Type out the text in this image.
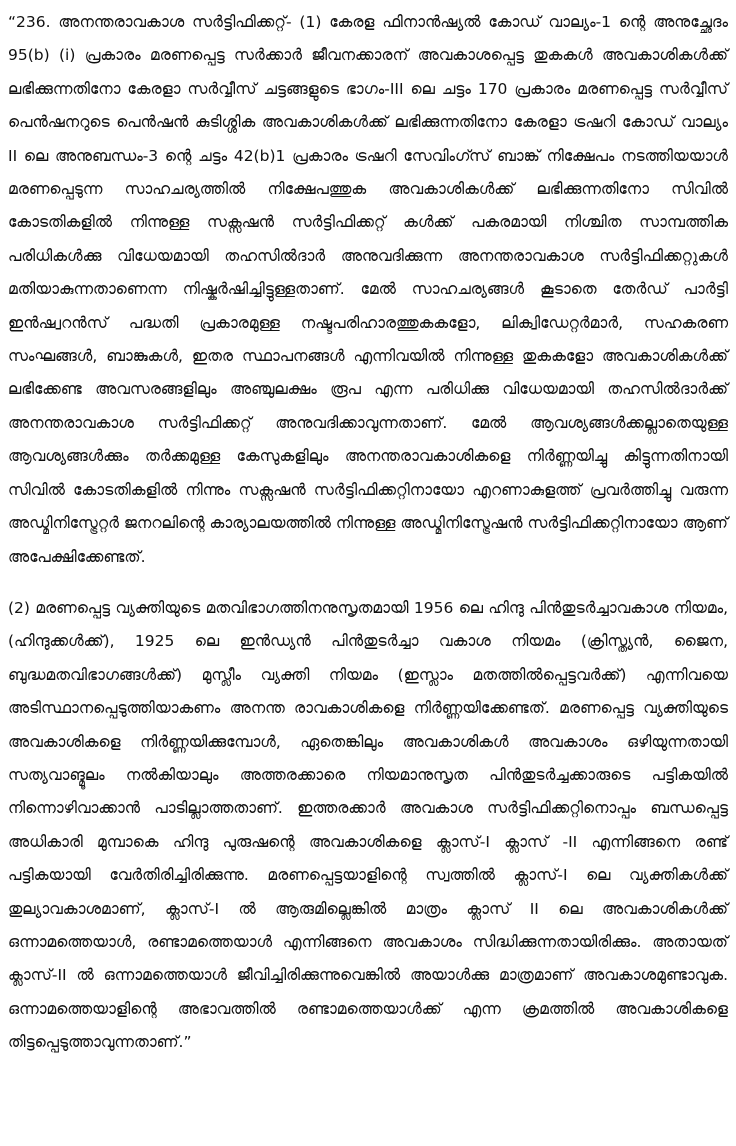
“236. അനന്തരാവകാശ സർട്ടിഫിക്കറ്റ്- (1) കേരള ഫിനാൻഷ്യൽ കോഡ് വാല്യം-1 ന്റെ അനുച്ഛേദം 95(b) (i) പ്രകാരം മരണപ്പെട്ട സർക്കാർ ജീവനക്കാരന് അവകാശപ്പെട്ട തുകകൾ അവകാശികൾക്ക് ലഭിക്കുന്നതിനോ കേരളാ സർവ്വീസ് ചട്ടങ്ങളുടെ ഭാഗം-III ലെ ചട്ടം 170 പ്രകാരം മരണപ്പെട്ട സർവ്വീസ് പെൻഷനറുടെ പെൻഷൻ കുടിശ്ശിക അവകാശികൾക്ക് ലഭിക്കുന്നതിനോ കേരളാ ട്രഷറി കോഡ് വാല്യം II ലെ അനുബന്ധം-3 ന്റെ ചട്ടം 42(b)1 പ്രകാരം ട്രഷറി സേവിംഗ്സ് ബാങ്ക് നിക്ഷേപം നടത്തിയയാൾ മരണപ്പെടുന്ന സാഹചര്യത്തിൽ നിക്ഷേപത്തുക അവകാശികൾക്ക് ലഭിക്കുന്നതിനോ സിവിൽ കോടതികളിൽ നിന്നുള്ള സക്സഷൻ സർട്ടിഫിക്കറ്റ് കൾക്ക് പകരമായി നിശ്ചിത സാമ്പത്തിക പരിധികൾക്കു വിധേയമായി തഹസിൽദാർ അനുവദിക്കുന്ന അനന്തരാവകാശ സർട്ടിഫിക്കറ്റുകൾ മതിയാകുന്നതാണെന്ന നിഷ്കർഷിച്ചിട്ടുള്ളതാണ്. മേൽ സാഹചര്യങ്ങൾ കൂടാതെ തേർഡ് പാർട്ടി ഇൻഷ്വറൻസ് പദ്ധതി പ്രകാരമുള്ള നഷ്ടപരിഹാരത്തുകകളോ, ലിക്വിഡേറ്റർമാർ, സഹകരണ സംഘങ്ങൾ, ബാങ്കുകൾ, ഇതര സ്ഥാപനങ്ങൾ എന്നിവയിൽ നിന്നുള്ള തുകകളോ അവകാശികൾക്ക് ലഭിക്കേണ്ട അവസരങ്ങളിലും അഞ്ചുലക്ഷം രൂപ എന്ന പരിധിക്കു വിധേയമായി തഹസിൽദാർക്ക് അനന്തരാവകാശ സർട്ടിഫിക്കറ്റ് അനുവദിക്കാവുന്നതാണ്. മേൽ ആവശ്യങ്ങൾക്കല്ലാതെയുള്ള ആവശ്യങ്ങൾക്കും തർക്കമുള്ള കേസുകളിലും അനന്തരാവകാശികളെ നിർണ്ണയിച്ചു കിട്ടുന്നതിനായി സിവിൽ കോടതികളിൽ നിന്നും സക്സഷൻ സർട്ടിഫിക്കറ്റിനായോ എറണാകുളത്ത് പ്രവർത്തിച്ചു വരുന്ന അഡ്മിനിസ്ട്രേറ്റർ ജനറലിന്റെ കാര്യാലയത്തിൽ നിന്നുള്ള അഡ്മിനിസ്ട്രേഷൻ സർട്ടിഫിക്കറ്റിനായോ ആണ് അപേക്ഷിക്കേണ്ടത്.

(2) മരണപ്പെട്ട വ്യക്തിയുടെ മതവിഭാഗത്തിനനുസൃതമായി 1956 ലെ ഹിന്ദു പിൻതുടർച്ചാവകാശ നിയമം, (ഹിന്ദുക്കൾക്ക്), 1925 ലെ ഇൻഡ്യൻ പിൻതുടർച്ചാ വകാശ നിയമം (ക്രിസ്ത്യൻ, ജൈന, ബുദ്ധമതവിഭാഗങ്ങൾക്ക്) മുസ്ലീം വ്യക്തി നിയമം (ഇസ്ലാം മതത്തിൽപ്പെട്ടവർക്ക്) എന്നിവയെ അടിസ്ഥാനപ്പെടുത്തിയാകണം അനന്ത രാവകാശികളെ നിർണ്ണയിക്കേണ്ടത്. മരണപ്പെട്ട വ്യക്തിയുടെ അവകാശികളെ നിർണ്ണയിക്കുമ്പോൾ, ഏതെങ്കിലും അവകാശികൾ അവകാശം ഒഴിയുന്നതായി സത്യവാങ്മൂലം നൽകിയാലും അത്തരക്കാരെ നിയമാനുസൃത പിൻതുടർച്ചക്കാരുടെ പട്ടികയിൽ നിന്നൊഴിവാക്കാൻ പാടില്ലാത്തതാണ്. ഇത്തരക്കാർ അവകാശ സർട്ടിഫിക്കറ്റിനൊപ്പം ബന്ധപ്പെട്ട അധികാരി മുമ്പാകെ ഹിന്ദു പുരുഷന്റെ അവകാശികളെ ക്ലാസ്-I ക്ലാസ് -II എന്നിങ്ങനെ രണ്ട് പട്ടികയായി വേർതിരിച്ചിരിക്കുന്നു. മരണപ്പെട്ടയാളിന്റെ സ്വത്തിൽ ക്ലാസ്-I ലെ വ്യക്തികൾക്ക് തുല്യാവകാശമാണ്, ക്ലാസ്-I ൽ ആരുമില്ലെങ്കിൽ മാത്രം ക്ലാസ് II ലെ അവകാശികൾക്ക് ഒന്നാമത്തെയാൾ, രണ്ടാമത്തെയാൾ എന്നിങ്ങനെ അവകാശം സിദ്ധിക്കുന്നതായിരിക്കും. അതായത് ക്ലാസ്-II ൽ ഒന്നാമത്തെയാൾ ജീവിച്ചിരിക്കുന്നുവെങ്കിൽ അയാൾക്കു മാത്രമാണ് അവകാശമുണ്ടാവുക. ഒന്നാമത്തെയാളിന്റെ അഭാവത്തിൽ രണ്ടാമത്തെയാൾക്ക് എന്ന ക്രമത്തിൽ അവകാശികളെ തിട്ടപ്പെടുത്താവുന്നതാണ്.”
